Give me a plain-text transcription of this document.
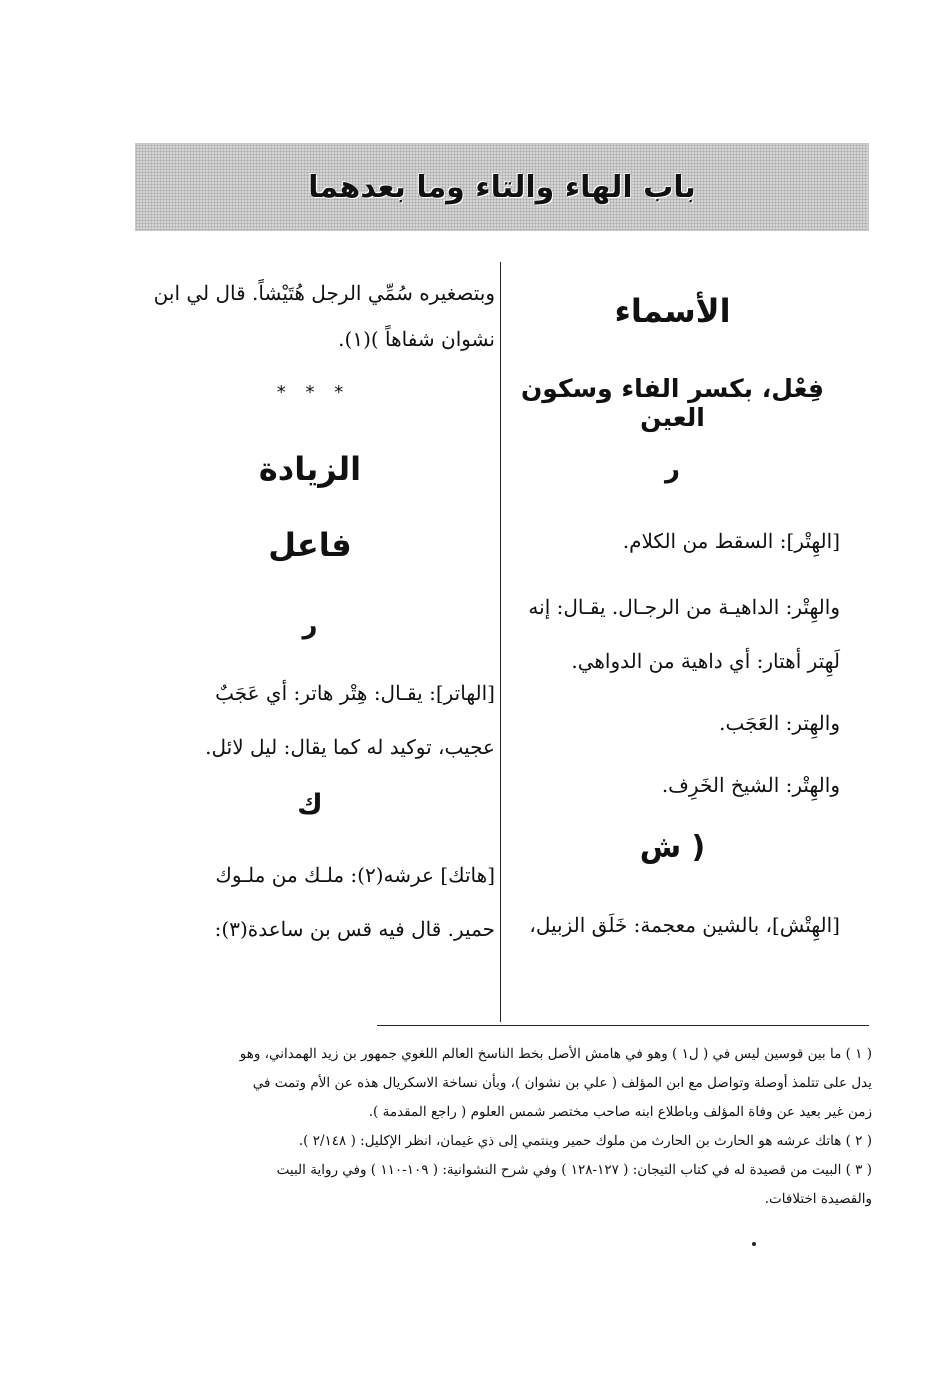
باب الهاء والتاء وما بعدهما
الأسماء
فِعْل، بكسر الفاء وسكون العين
ر

[الهِتْر]: السقط من الكلام.

والهِتْر: الداهيـة من الرجـال. يقـال: إنه

لَهِتر أهتار: أي داهية من الدواهي.

والهِتر: العَجَب.

والهِتْر: الشيخ الخَرِف.

( ش

[الهِتْش]، بالشين معجمة: خَلَق الزبيل،

وبتصغيره سُمِّي الرجل هُتَيْشاً. قال لي ابن

نشوان شفاهاً )(١).

* * *
الزيادة
فاعل
ر

[الهاتر]: يقـال: هِتْر هاتر: أي عَجَبٌ

عجيب، توكيد له كما يقال: ليل لائل.

ك

[هاتك] عرشه(٢): ملـك من ملـوك

حمير. قال فيه قس بن ساعدة(٣):

( ١ ) ما بين قوسين ليس في ( ل١ ) وهو في هامش الأصل بخط الناسخ العالم اللغوي جمهور بن زيد الهمداني، وهو

يدل على تتلمذ أوصلة وتواصل مع ابن المؤلف ( علي بن نشوان )، وبأن نساخة الاسكريال هذه عن الأم وتمت في

زمن غير بعيد عن وفاة المؤلف وباطلاع ابنه صاحب مختصر شمس العلوم ( راجع المقدمة ).

( ٢ ) هاتك عرشه هو الحارث بن الحارث من ملوك حمير وينتمي إلى ذي غيمان، انظر الإكليل: ( ٢/١٤٨ ).

( ٣ ) البيت من قصيدة له في كتاب التيجان: ( ١٢٧-١٢٨ ) وفي شرح النشوانية: ( ١٠٩-١١٠ ) وفي رواية البيت

والقصيدة اختلافات.
